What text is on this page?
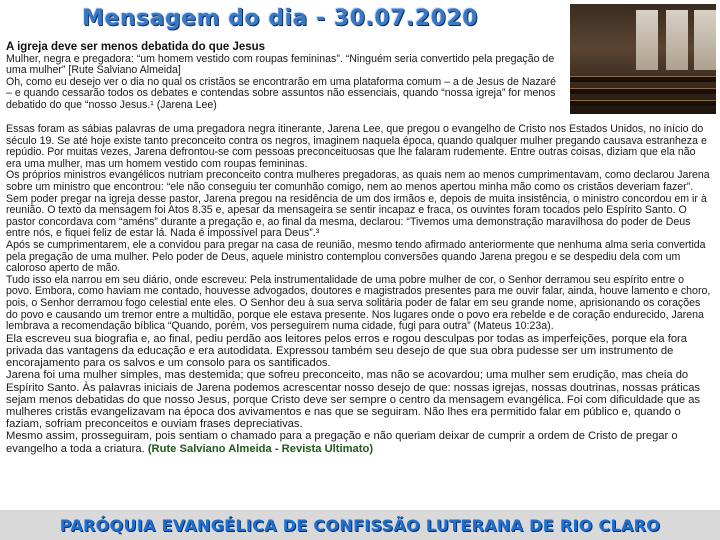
Mensagem do dia - 30.07.2020

A igreja deve ser menos debatida do que Jesus

Mulher, negra e pregadora: “um homem vestido com roupas femininas”. “Ninguém seria convertido pela pregação de uma mulher” [Rute Salviano Almeida]

Oh, como eu desejo ver o dia no qual os cristãos se encontrarão em uma plataforma comum – a de Jesus de Nazaré – e quando cessarão todos os debates e contendas sobre assuntos não essenciais, quando “nossa igreja” for menos debatido do que “nosso Jesus.¹ (Jarena Lee)

Essas foram as sábias palavras de uma pregadora negra itinerante, Jarena Lee, que pregou o evangelho de Cristo nos Estados Unidos, no início do século 19. Se até hoje existe tanto preconceito contra os negros, imaginem naquela época, quando qualquer mulher pregando causava estranheza e repúdio. Por muitas vezes, Jarena defrontou-se com pessoas preconceituosas que lhe falaram rudemente. Entre outras coisas, diziam que ela não era uma mulher, mas um homem vestido com roupas femininas.

Os próprios ministros evangélicos nutriam preconceito contra mulheres pregadoras, as quais nem ao menos cumprimentavam, como declarou Jarena sobre um ministro que encontrou: “ele não conseguiu ter comunhão comigo, nem ao menos apertou minha mão como os cristãos deveriam fazer”. Sem poder pregar na igreja desse pastor, Jarena pregou na residência de um dos irmãos e, depois de muita insistência, o ministro concordou em ir à reunião. O texto da mensagem foi Atos 8.35 e, apesar da mensageira se sentir incapaz e fraca, os ouvintes foram tocados pelo Espírito Santo. O pastor concordava com “améns” durante a pregação e, ao final da mesma, declarou: “Tivemos uma demonstração maravilhosa do poder de Deus entre nós, e fiquei feliz de estar lá. Nada é impossível para Deus”.³

Após se cumprimentarem, ele a convidou para pregar na casa de reunião, mesmo tendo afirmado anteriormente que nenhuma alma seria convertida pela pregação de uma mulher. Pelo poder de Deus, aquele ministro contemplou conversões quando Jarena pregou e se despediu dela com um caloroso aperto de mão.

Tudo isso ela narrou em seu diário, onde escreveu: Pela instrumentalidade de uma pobre mulher de cor, o Senhor derramou seu espírito entre o povo. Embora, como haviam me contado, houvesse advogados, doutores e magistrados presentes para me ouvir falar, ainda, houve lamento e choro, pois, o Senhor derramou fogo celestial ente eles. O Senhor deu à sua serva solitária poder de falar em seu grande nome, aprisionando os corações do povo e causando um tremor entre a multidão, porque ele estava presente. Nos lugares onde o povo era rebelde e de coração endurecido, Jarena lembrava a recomendação bíblica “Quando, porém, vos perseguirem numa cidade, fugi para outra” (Mateus 10:23a).

Ela escreveu sua biografia e, ao final, pediu perdão aos leitores pelos erros e rogou desculpas por todas as imperfeições, porque ela fora privada das vantagens da educação e era autodidata. Expressou também seu desejo de que sua obra pudesse ser um instrumento de encorajamento para os salvos e um consolo para os santificados.

Jarena foi uma mulher simples, mas destemida; que sofreu preconceito, mas não se acovardou; uma mulher sem erudição, mas cheia do Espírito Santo. Às palavras iniciais de Jarena podemos acrescentar nosso desejo de que: nossas igrejas, nossas doutrinas, nossas práticas sejam menos debatidas do que nosso Jesus, porque Cristo deve ser sempre o centro da mensagem evangélica. Foi com dificuldade que as mulheres cristãs evangelizavam na época dos avivamentos e nas que se seguiram. Não lhes era permitido falar em público e, quando o faziam, sofriam preconceitos e ouviam frases depreciativas.

Mesmo assim, prosseguiram, pois sentiam o chamado para a pregação e não queriam deixar de cumprir a ordem de Cristo de pregar o evangelho a toda a criatura. (Rute Salviano Almeida - Revista Ultimato)

PARÓQUIA EVANGÉLICA DE CONFISSÃO LUTERANA DE RIO CLARO
